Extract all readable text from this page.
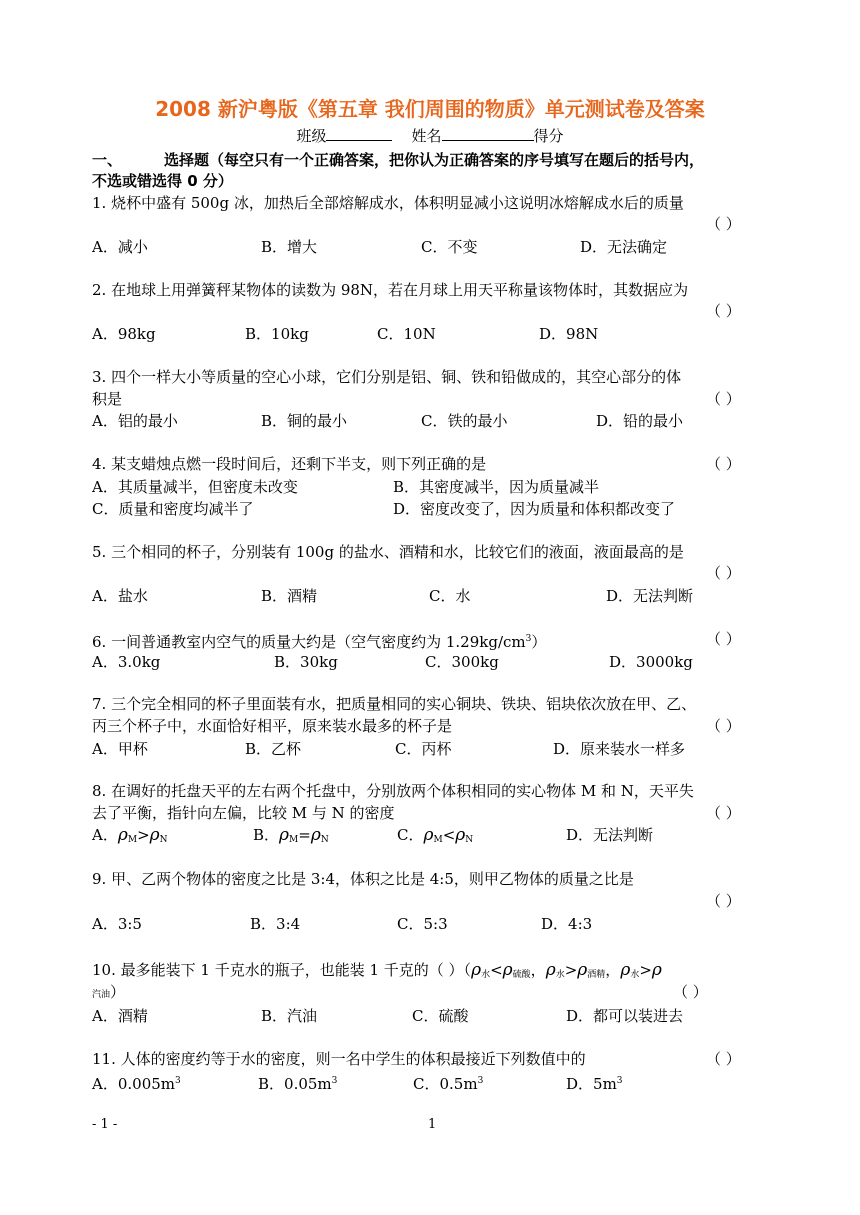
2008 新沪粤版《第五章 我们周围的物质》单元测试卷及答案
班级	姓名	得分
一、	选择题（每空只有一个正确答案，把你认为正确答案的序号填写在题后的括号内，
不选或错选得 0 分）
1. 烧杯中盛有 500g 冰，加热后全部熔解成水，体积明显减小这说明冰熔解成水后的质量
（ ）
A．减小	B．增大	C．不变	D．无法确定
2. 在地球上用弹簧秤某物体的读数为 98N，若在月球上用天平称量该物体时，其数据应为
（ ）
A．98kg	B．10kg	C．10N	D．98N
3. 四个一样大小等质量的空心小球，它们分别是铝、铜、铁和铅做成的，其空心部分的体
积是	（ ）
A．铝的最小	B．铜的最小	C．铁的最小	D．铅的最小
4. 某支蜡烛点燃一段时间后，还剩下半支，则下列正确的是	（ ）
A．其质量减半，但密度未改变	B．其密度减半，因为质量减半
C．质量和密度均减半了	D．密度改变了，因为质量和体积都改变了
5. 三个相同的杯子，分别装有 100g 的盐水、酒精和水，比较它们的液面，液面最高的是
（ ）
A．盐水	B．酒精	C．水	D．无法判断
6. 一间普通教室内空气的质量大约是（空气密度约为 $1.29kg/cm^3$）	（ ）
A．3.0kg	B．30kg	C．300kg	D．3000kg
7. 三个完全相同的杯子里面装有水，把质量相同的实心铜块、铁块、铝块依次放在甲、乙、
丙三个杯子中，水面恰好相平，原来装水最多的杯子是	（ ）
A．甲杯	B．乙杯	C．丙杯	D．原来装水一样多
8. 在调好的托盘天平的左右两个托盘中，分别放两个体积相同的实心物体 M 和 N，天平失
去了平衡，指针向左偏，比较 M 与 N 的密度	（ ）
A．$\rho_M>\rho_N$	B．$\rho_M=\rho_N$	C．$\rho_M<\rho_N$	D．无法判断
9. 甲、乙两个物体的密度之比是 3:4，体积之比是 4:5，则甲乙物体的质量之比是
（ ）
A．3:5	B．3:4	C．5:3	D．4:3
10. 最多能装下 1 千克水的瓶子，也能装 1 千克的（ ）（$\rho_水<\rho_{硫酸}$，$\rho_水>\rho_{酒精}$，$\rho_水>\rho$
汽油）	（ ）
A．酒精	B．汽油	C．硫酸	D．都可以装进去
11. 人体的密度约等于水的密度，则一名中学生的体积最接近下列数值中的	（ ）
A．$0.005m^3$	B．$0.05m^3$	C．$0.5m^3$	D．$5m^3$
- 1 -	1
